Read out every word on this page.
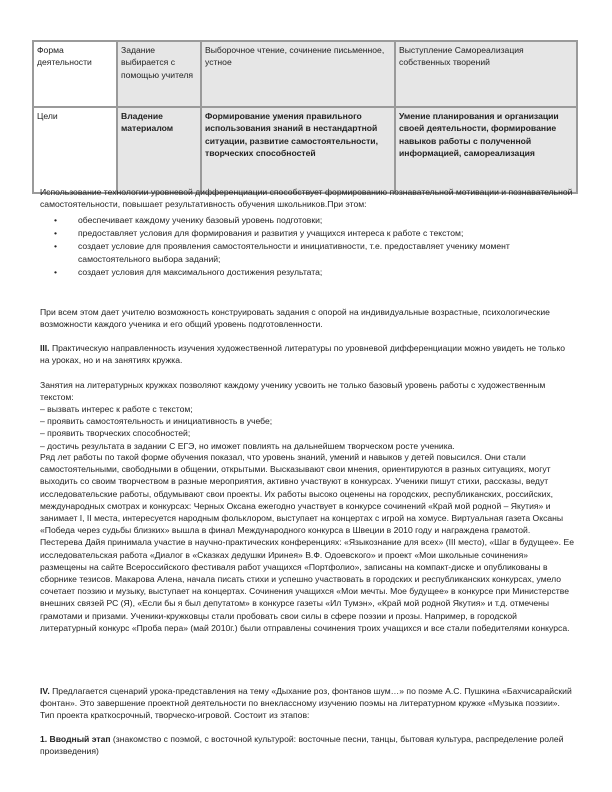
Форма деятельности	Задание выбирается с помощью учителя	Выборочное чтение, сочинение письменное, устное	Выступление Самореализация собственных творений
Цели	Владение материалом	Формирование умения правильного использования знаний в нестандартной ситуации, развитие самостоятельности, творческих способностей	Умение планирования и организации своей деятельности, формирование навыков работы с полученной информацией, самореализация

Использование технологии уровневой дифференциации способствует формированию познавательной мотивации и познавательной самостоятельности, повышает результативность обучения школьников.При этом:

• обеспечивает каждому ученику базовый уровень подготовки;
• предоставляет условия для формирования и развития у учащихся интереса к работе с текстом;
• создает условие для проявления самостоятельности и инициативности, т.е. предоставляет ученику момент самостоятельного выбора заданий;
• создает условия для максимального достижения результата;

При всем этом дает учителю возможность конструировать задания с опорой на индивидуальные возрастные, психологические возможности каждого ученика и его общий уровень подготовленности.

III. Практическую направленность изучения художественной литературы по уровневой дифференциации можно увидеть не только на уроках, но и на занятиях кружка.

Занятия на литературных кружках позволяют каждому ученику усвоить не только базовый уровень работы с художественным текстом:

– вызвать интерес к работе с текстом;
– проявить самостоятельность и инициативность в учебе;
– проявить творческих способностей;
– достичь результата в задании С ЕГЭ, но иможет повлиять на дальнейшем творческом росте ученика.

Ряд лет работы по такой форме обучения показал, что уровень знаний, умений и навыков у детей повысился. Они стали самостоятельными, свободными в общении, открытыми. Высказывают свои мнения, ориентируются в разных ситуациях, могут выходить со своим творчеством в разные мероприятия, активно участвуют в конкурсах. Ученики пишут стихи, рассказы, ведут исследовательские работы, обдумывают свои проекты. Их работы высоко оценены на городских, республиканских, российских, международных смотрах и конкурсах: Черных Оксана ежегодно участвует в конкурсе сочинений «Край мой родной – Якутия» и занимает I, II места, интересуется народным фольклором, выступает на концертах с игрой на хомусе. Виртуальная газета Оксаны «Победа через судьбы близких» вышла в финал Международного конкурса в Швеции в 2010 году и награждена грамотой. Пестерева Дайя принимала участие в научно-практических конференциях: «Языкознание для всех» (III место), «Шаг в будущее». Ее исследовательская работа «Диалог в «Сказках дедушки Иринея» В.Ф. Одоевского» и проект «Мои школьные сочинения» размещены на сайте Всероссийского фестиваля работ учащихся «Портфолио», записаны на компакт-диске и опубликованы в сборнике тезисов. Макарова Алена, начала писать стихи и успешно участвовать в городских и республиканских конкурсах, умело сочетает поэзию и музыку, выступает на концертах. Сочинения учащихся «Мои мечты. Мое будущее» в конкурсе при Министерстве внешних связей РС (Я), «Если бы я был депутатом» в конкурсе газеты «Ил Тумэн», «Край мой родной Якутия» и т.д. отмечены грамотами и призами. Ученики-кружковцы стали пробовать свои силы в сфере поэзии и прозы. Например, в городской литературный конкурс «Проба пера» (май 2010г.) были отправлены сочинения троих учащихся и все стали победителями конкурса.

IV. Предлагается сценарий урока-представления на тему «Дыхание роз, фонтанов шум…» по поэме А.С. Пушкина «Бахчисарайский фонтан». Это завершение проектной деятельности по внеклассному изучению поэмы на литературном кружке «Музыка поэзии». Тип проекта краткосрочный, творческо-игровой. Состоит из этапов:

1. Вводный этап (знакомство с поэмой, с восточной культурой: восточные песни, танцы, бытовая культура, распределение ролей произведения)
